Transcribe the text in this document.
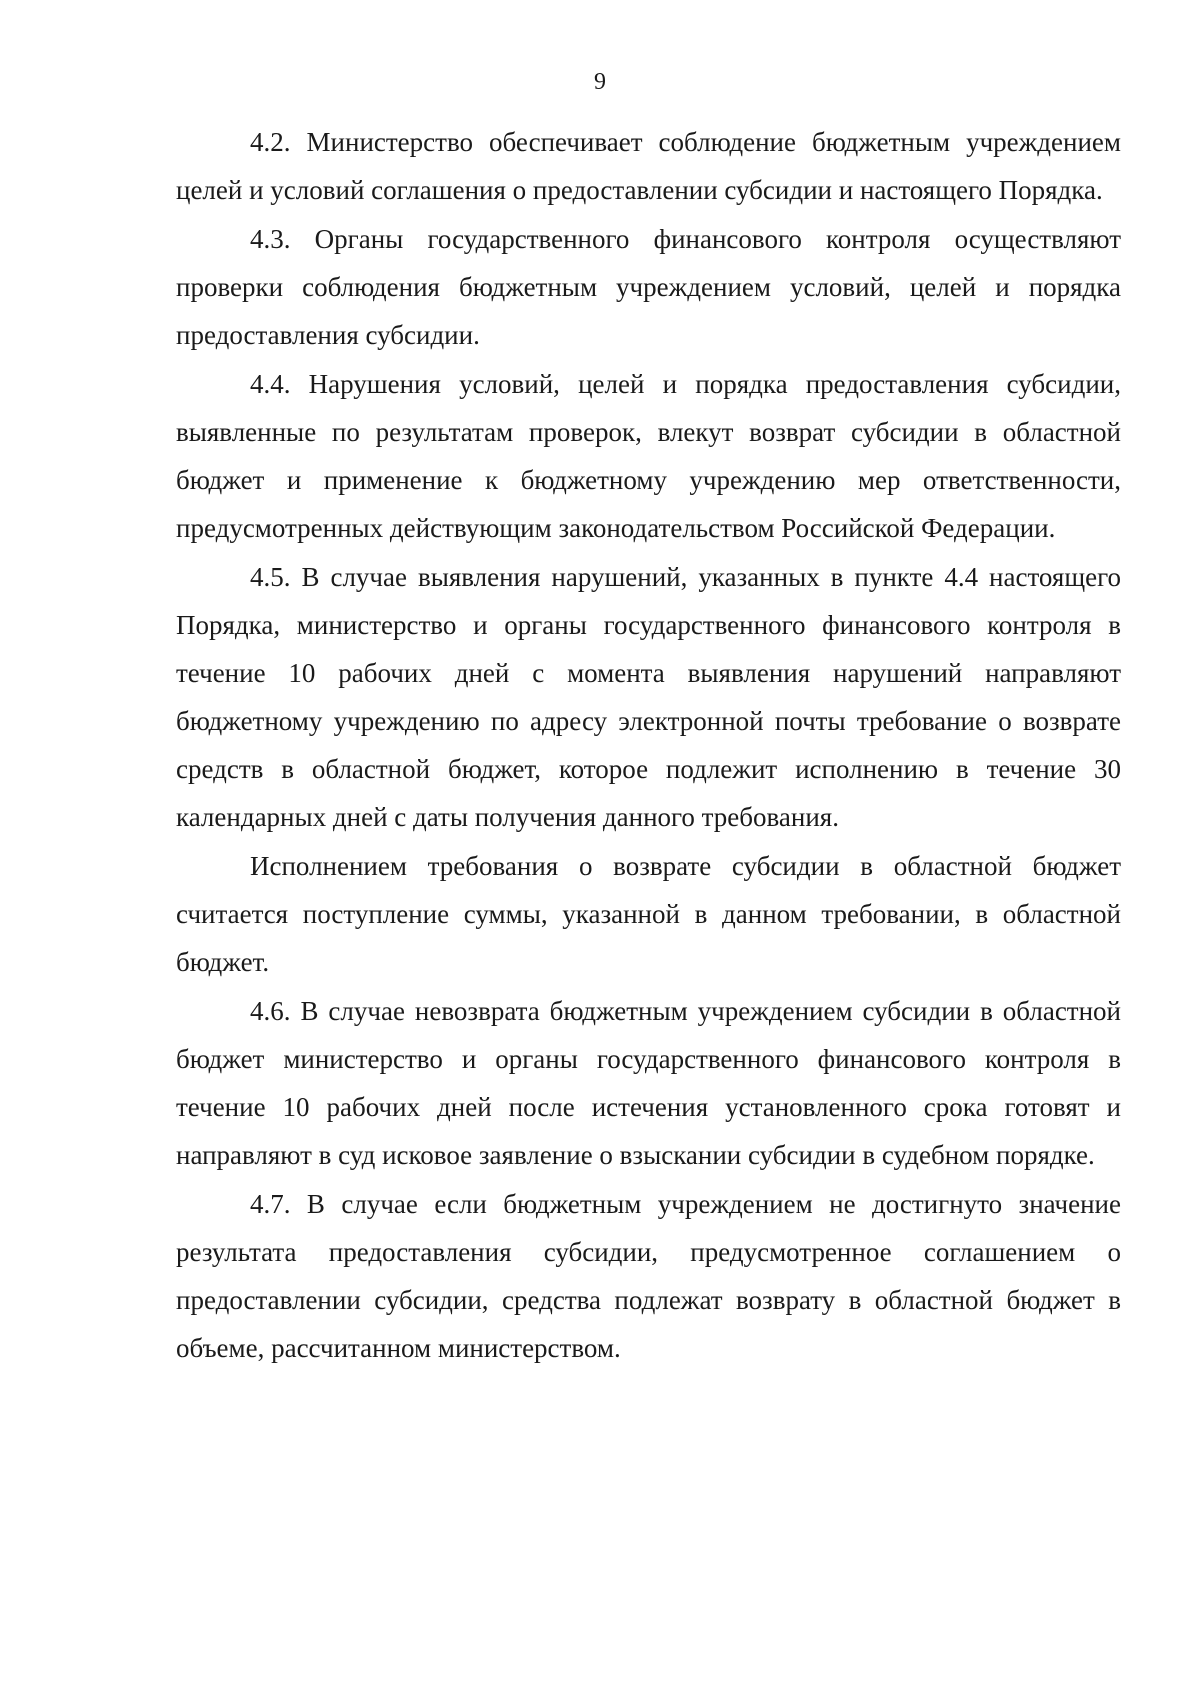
9

4.2. Министерство обеспечивает соблюдение бюджетным учреждением целей и условий соглашения о предоставлении субсидии и настоящего Порядка.

4.3. Органы государственного финансового контроля осуществляют проверки соблюдения бюджетным учреждением условий, целей и порядка предоставления субсидии.

4.4. Нарушения условий, целей и порядка предоставления субсидии, выявленные по результатам проверок, влекут возврат субсидии в областной бюджет и применение к бюджетному учреждению мер ответственности, предусмотренных действующим законодательством Российской Федерации.

4.5. В случае выявления нарушений, указанных в пункте 4.4 настоящего Порядка, министерство и органы государственного финансового контроля в течение 10 рабочих дней с момента выявления нарушений направляют бюджетному учреждению по адресу электронной почты требование о возврате средств в областной бюджет, которое подлежит исполнению в течение 30 календарных дней с даты получения данного требования.

Исполнением требования о возврате субсидии в областной бюджет считается поступление суммы, указанной в данном требовании, в областной бюджет.

4.6. В случае невозврата бюджетным учреждением субсидии в областной бюджет министерство и органы государственного финансового контроля в течение 10 рабочих дней после истечения установленного срока готовят и направляют в суд исковое заявление о взыскании субсидии в судебном порядке.

4.7. В случае если бюджетным учреждением не достигнуто значение результата предоставления субсидии, предусмотренное соглашением о предоставлении субсидии, средства подлежат возврату в областной бюджет в объеме, рассчитанном министерством.
